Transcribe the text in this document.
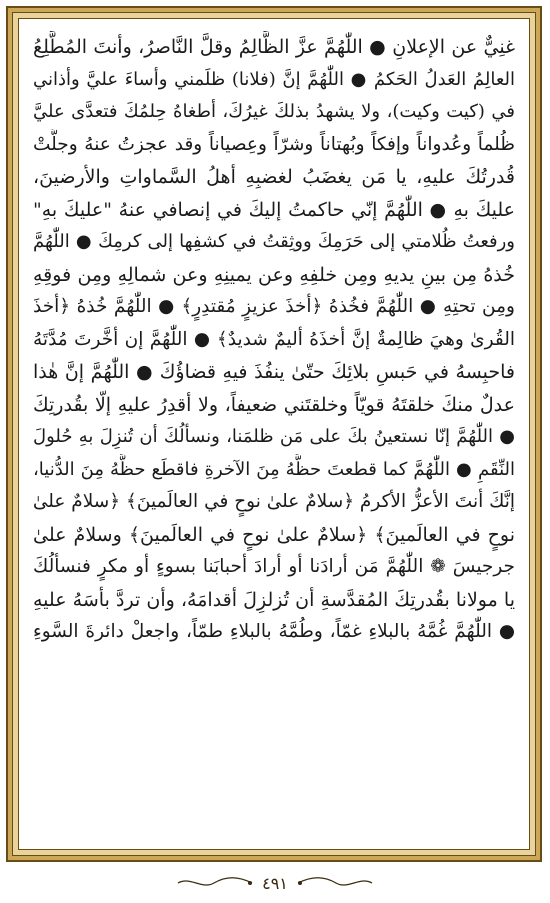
غنِيٌّ عن الإعلانِ ● اللّٰهُمَّ عزَّ الظَّالِمُ وقلَّ النَّاصرُ، وأنتَ المُطَّلِعُ
العالِمُ العَدلُ الحَكمُ ● اللّٰهُمَّ إنَّ (فلانا) ظلَمني وأساءَ عليَّ وأذاني
في (كيت وكيت)، ولا يشهدُ بذلكَ غيرُكَ، أطغاهُ حِلمُكَ فتعدَّى عليَّ
ظُلماً وعُدواناً وإفكاً وبُهتاناً وشرّاً وعِصياناً وقد عجزتُ عنهُ وجلَّتْ
قُدرتُكَ عليهِ، يا مَن يغضَبُ لغضبِهِ أهلُ السَّماواتِ والأرضينَ،
عليكَ بهِ ● اللّٰهُمَّ إنّي حاكمتُ إليكَ في إنصافي عنهُ "عليكَ بهِ"
ورفعتُ ظُلامتي إلى حَرَمِكَ ووثِقتُ في كشفِها إلى كرمِكَ ● اللّٰهُمَّ
خُذهُ مِن بينِ يديهِ ومِن خلفِهِ وعن يمينِهِ وعن شمالِهِ ومِن فوقِهِ
ومِن تحتِهِ ● اللّٰهُمَّ فخُذهُ ﴿أخذَ عزيزٍ مُقتدِرٍ﴾ ● اللّٰهُمَّ خُذهُ ﴿أخذَ
القُرىٰ وهيَ ظالِمةٌ إنَّ أخذَهُ أليمٌ شديدٌ﴾ ● اللّٰهُمَّ إن أخَّرتَ مُدَّتَهُ
فاحبِسهُ في حَبسِ بلائِكَ حتّىٰ ينفُذَ فيهِ قضاؤُكَ ● اللّٰهُمَّ إنَّ هٰذا
عدلٌ منكَ خلقتَهُ قويّاً وخلقتَني ضعيفاً، ولا أقدِرُ عليهِ إلّا بقُدرتِكَ
● اللّٰهُمَّ إنّا نستعينُ بكَ على مَن ظلمَنا، ونسألُكَ أن تُنزِلَ بهِ حُلولَ
النِّقَمِ ● اللّٰهُمَّ كما قطعتَ حظَّهُ مِنَ الآخرةِ فاقطَع حظَّهُ مِنَ الدُّنيا،
إنَّكَ أنتَ الأعزُّ الأكرمُ ﴿سلامٌ علىٰ نوحٍ في العالَمينَ﴾ ﴿سلامٌ علىٰ
نوحٍ في العالَمينَ﴾ ﴿سلامٌ علىٰ نوحٍ في العالَمينَ﴾ وسلامٌ علىٰ
جرجيسَ ❁ اللّٰهُمَّ مَن أرادَنا أو أرادَ أحبابَنا بسوءٍ أو مكرٍ فنسألُكَ
يا مولانا بقُدرتِكَ المُقدَّسةِ أن تُزلزِلَ أقدامَهُ، وأن تردَّ بأسَهُ عليهِ
● اللّٰهُمَّ غُمَّهُ بالبلاءِ غمّاً، وطُمَّهُ بالبلاءِ طمّاً، واجعلْ دائرةَ السَّوءِ
٤٩١
